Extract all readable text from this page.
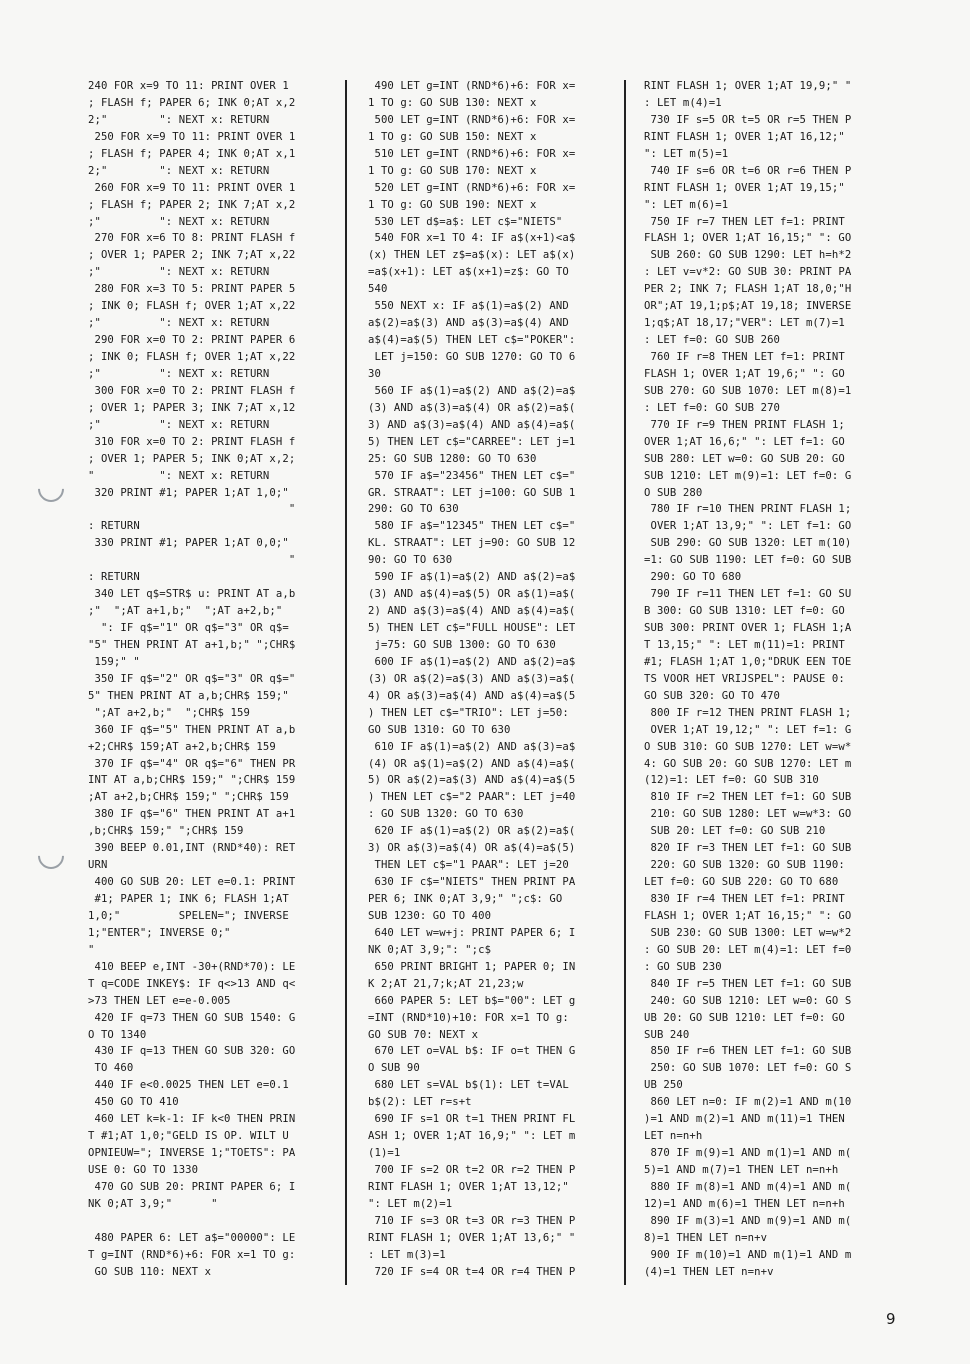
240 FOR x=9 TO 11: PRINT OVER 1
; FLASH f; PAPER 6; INK 0;AT x,2
2;"        ": NEXT x: RETURN
250 FOR x=9 TO 11: PRINT OVER 1
; FLASH f; PAPER 4; INK 0;AT x,1
2;"        ": NEXT x: RETURN
260 FOR x=9 TO 11: PRINT OVER 1
; FLASH f; PAPER 2; INK 7;AT x,2
;"         ": NEXT x: RETURN
270 FOR x=6 TO 8: PRINT FLASH f
; OVER 1; PAPER 2; INK 7;AT x,22
;"         ": NEXT x: RETURN
280 FOR x=3 TO 5: PRINT PAPER 5
; INK 0; FLASH f; OVER 1;AT x,22
;"         ": NEXT x: RETURN
290 FOR x=0 TO 2: PRINT PAPER 6
; INK 0; FLASH f; OVER 1;AT x,22
;"         ": NEXT x: RETURN
300 FOR x=0 TO 2: PRINT FLASH f
; OVER 1; PAPER 3; INK 7;AT x,12
;"         ": NEXT x: RETURN
310 FOR x=0 TO 2: PRINT FLASH f
; OVER 1; PAPER 5; INK 0;AT x,2;
"          ": NEXT x: RETURN
320 PRINT #1; PAPER 1;AT 1,0;"
"
: RETURN
330 PRINT #1; PAPER 1;AT 0,0;"
"
: RETURN
340 LET q$=STR$ u: PRINT AT a,b
;"  ";AT a+1,b;"  ";AT a+2,b;"
": IF q$="1" OR q$="3" OR q$=
"5" THEN PRINT AT a+1,b;" ";CHR$
159;" "
350 IF q$="2" OR q$="3" OR q$="
5" THEN PRINT AT a,b;CHR$ 159;"
";AT a+2,b;"  ";CHR$ 159
360 IF q$="5" THEN PRINT AT a,b
+2;CHR$ 159;AT a+2,b;CHR$ 159
370 IF q$="4" OR q$="6" THEN PR
INT AT a,b;CHR$ 159;" ";CHR$ 159
;AT a+2,b;CHR$ 159;" ";CHR$ 159
380 IF q$="6" THEN PRINT AT a+1
,b;CHR$ 159;" ";CHR$ 159
390 BEEP 0.01,INT (RND*40): RET
URN
400 GO SUB 20: LET e=0.1: PRINT
#1; PAPER 1; INK 6; FLASH 1;AT
1,0;"         SPELEN="; INVERSE
1;"ENTER"; INVERSE 0;"
"
410 BEEP e,INT -30+(RND*70): LE
T q=CODE INKEY$: IF q<>13 AND q<
>73 THEN LET e=e-0.005
420 IF q=73 THEN GO SUB 1540: G
O TO 1340
430 IF q=13 THEN GO SUB 320: GO
TO 460
440 IF e<0.0025 THEN LET e=0.1
450 GO TO 410
460 LET k=k-1: IF k<0 THEN PRIN
T #1;AT 1,0;"GELD IS OP. WILT U
OPNIEUW="; INVERSE 1;"TOETS": PA
USE 0: GO TO 1330
470 GO SUB 20: PRINT PAPER 6; I
NK 0;AT 3,9;"      "
480 PAPER 6: LET a$="00000": LE
T g=INT (RND*6)+6: FOR x=1 TO g:
GO SUB 110: NEXT x
490 LET g=INT (RND*6)+6: FOR x=
1 TO g: GO SUB 130: NEXT x
500 LET g=INT (RND*6)+6: FOR x=
1 TO g: GO SUB 150: NEXT x
510 LET g=INT (RND*6)+6: FOR x=
1 TO g: GO SUB 170: NEXT x
520 LET g=INT (RND*6)+6: FOR x=
1 TO g: GO SUB 190: NEXT x
530 LET d$=a$: LET c$="NIETS"
540 FOR x=1 TO 4: IF a$(x+1)<a$
(x) THEN LET z$=a$(x): LET a$(x)
=a$(x+1): LET a$(x+1)=z$: GO TO
540
550 NEXT x: IF a$(1)=a$(2) AND
a$(2)=a$(3) AND a$(3)=a$(4) AND
a$(4)=a$(5) THEN LET c$="POKER":
LET j=150: GO SUB 1270: GO TO 6
30
560 IF a$(1)=a$(2) AND a$(2)=a$
(3) AND a$(3)=a$(4) OR a$(2)=a$(
3) AND a$(3)=a$(4) AND a$(4)=a$(
5) THEN LET c$="CARREE": LET j=1
25: GO SUB 1280: GO TO 630
570 IF a$="23456" THEN LET c$="
GR. STRAAT": LET j=100: GO SUB 1
290: GO TO 630
580 IF a$="12345" THEN LET c$="
KL. STRAAT": LET j=90: GO SUB 12
90: GO TO 630
590 IF a$(1)=a$(2) AND a$(2)=a$
(3) AND a$(4)=a$(5) OR a$(1)=a$(
2) AND a$(3)=a$(4) AND a$(4)=a$(
5) THEN LET c$="FULL HOUSE": LET
j=75: GO SUB 1300: GO TO 630
600 IF a$(1)=a$(2) AND a$(2)=a$
(3) OR a$(2)=a$(3) AND a$(3)=a$(
4) OR a$(3)=a$(4) AND a$(4)=a$(5
) THEN LET c$="TRIO": LET j=50:
GO SUB 1310: GO TO 630
610 IF a$(1)=a$(2) AND a$(3)=a$
(4) OR a$(1)=a$(2) AND a$(4)=a$(
5) OR a$(2)=a$(3) AND a$(4)=a$(5
) THEN LET c$="2 PAAR": LET j=40
: GO SUB 1320: GO TO 630
620 IF a$(1)=a$(2) OR a$(2)=a$(
3) OR a$(3)=a$(4) OR a$(4)=a$(5)
THEN LET c$="1 PAAR": LET j=20
630 IF c$="NIETS" THEN PRINT PA
PER 6; INK 0;AT 3,9;" ";c$: GO
SUB 1230: GO TO 400
640 LET w=w+j: PRINT PAPER 6; I
NK 0;AT 3,9;": ";c$
650 PRINT BRIGHT 1; PAPER 0; IN
K 2;AT 21,7;k;AT 21,23;w
660 PAPER 5: LET b$="00": LET g
=INT (RND*10)+10: FOR x=1 TO g:
GO SUB 70: NEXT x
670 LET o=VAL b$: IF o=t THEN G
O SUB 90
680 LET s=VAL b$(1): LET t=VAL
b$(2): LET r=s+t
690 IF s=1 OR t=1 THEN PRINT FL
ASH 1; OVER 1;AT 16,9;" ": LET m
(1)=1
700 IF s=2 OR t=2 OR r=2 THEN P
RINT FLASH 1; OVER 1;AT 13,12;"
": LET m(2)=1
710 IF s=3 OR t=3 OR r=3 THEN P
RINT FLASH 1; OVER 1;AT 13,6;" "
: LET m(3)=1
720 IF s=4 OR t=4 OR r=4 THEN P
RINT FLASH 1; OVER 1;AT 19,9;" "
: LET m(4)=1
730 IF s=5 OR t=5 OR r=5 THEN P
RINT FLASH 1; OVER 1;AT 16,12;"
": LET m(5)=1
740 IF s=6 OR t=6 OR r=6 THEN P
RINT FLASH 1; OVER 1;AT 19,15;"
": LET m(6)=1
750 IF r=7 THEN LET f=1: PRINT
FLASH 1; OVER 1;AT 16,15;" ": GO
SUB 260: GO SUB 1290: LET h=h*2
: LET v=v*2: GO SUB 30: PRINT PA
PER 2; INK 7; FLASH 1;AT 18,0;"H
OR";AT 19,1;p$;AT 19,18; INVERSE
1;q$;AT 18,17;"VER": LET m(7)=1
: LET f=0: GO SUB 260
760 IF r=8 THEN LET f=1: PRINT
FLASH 1; OVER 1;AT 19,6;" ": GO
SUB 270: GO SUB 1070: LET m(8)=1
: LET f=0: GO SUB 270
770 IF r=9 THEN PRINT FLASH 1;
OVER 1;AT 16,6;" ": LET f=1: GO
SUB 280: LET w=0: GO SUB 20: GO
SUB 1210: LET m(9)=1: LET f=0: G
O SUB 280
780 IF r=10 THEN PRINT FLASH 1;
OVER 1;AT 13,9;" ": LET f=1: GO
SUB 290: GO SUB 1320: LET m(10)
=1: GO SUB 1190: LET f=0: GO SUB
290: GO TO 680
790 IF r=11 THEN LET f=1: GO SU
B 300: GO SUB 1310: LET f=0: GO
SUB 300: PRINT OVER 1; FLASH 1;A
T 13,15;" ": LET m(11)=1: PRINT
#1; FLASH 1;AT 1,0;"DRUK EEN TOE
TS VOOR HET VRIJSPEL": PAUSE 0:
GO SUB 320: GO TO 470
800 IF r=12 THEN PRINT FLASH 1;
OVER 1;AT 19,12;" ": LET f=1: G
O SUB 310: GO SUB 1270: LET w=w*
4: GO SUB 20: GO SUB 1270: LET m
(12)=1: LET f=0: GO SUB 310
810 IF r=2 THEN LET f=1: GO SUB
210: GO SUB 1280: LET w=w*3: GO
SUB 20: LET f=0: GO SUB 210
820 IF r=3 THEN LET f=1: GO SUB
220: GO SUB 1320: GO SUB 1190:
LET f=0: GO SUB 220: GO TO 680
830 IF r=4 THEN LET f=1: PRINT
FLASH 1; OVER 1;AT 16,15;" ": GO
SUB 230: GO SUB 1300: LET w=w*2
: GO SUB 20: LET m(4)=1: LET f=0
: GO SUB 230
840 IF r=5 THEN LET f=1: GO SUB
240: GO SUB 1210: LET w=0: GO S
UB 20: GO SUB 1210: LET f=0: GO
SUB 240
850 IF r=6 THEN LET f=1: GO SUB
250: GO SUB 1070: LET f=0: GO S
UB 250
860 LET n=0: IF m(2)=1 AND m(10
)=1 AND m(2)=1 AND m(11)=1 THEN
LET n=n+h
870 IF m(9)=1 AND m(1)=1 AND m(
5)=1 AND m(7)=1 THEN LET n=n+h
880 IF m(8)=1 AND m(4)=1 AND m(
12)=1 AND m(6)=1 THEN LET n=n+h
890 IF m(3)=1 AND m(9)=1 AND m(
8)=1 THEN LET n=n+v
900 IF m(10)=1 AND m(1)=1 AND m
(4)=1 THEN LET n=n+v
9
